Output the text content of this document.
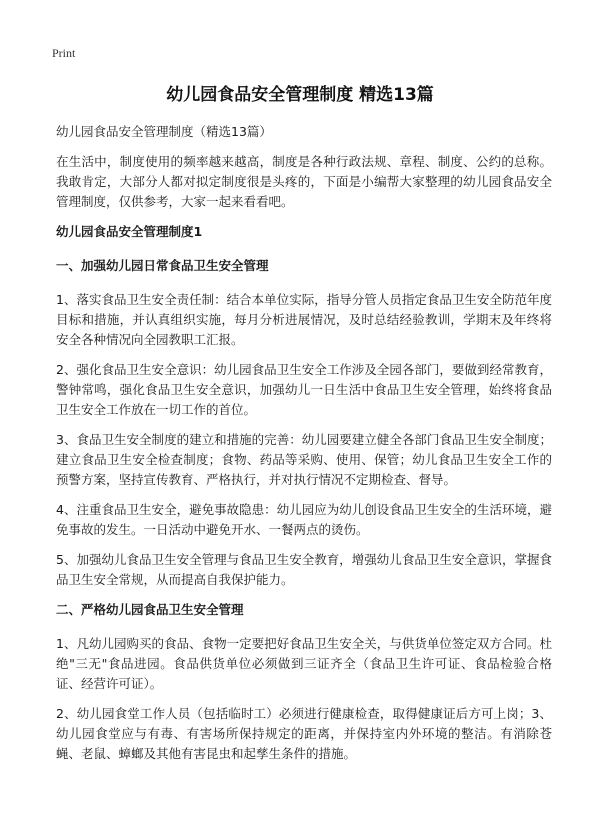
Print
幼儿园食品安全管理制度 精选13篇

幼儿园食品安全管理制度（精选13篇）

在生活中，制度使用的频率越来越高，制度是各种行政法规、章程、制度、公约的总称。我敢肯定，大部分人都对拟定制度很是头疼的，下面是小编帮大家整理的幼儿园食品安全管理制度，仅供参考，大家一起来看看吧。

幼儿园食品安全管理制度1

一、加强幼儿园日常食品卫生安全管理

1、落实食品卫生安全责任制：结合本单位实际，指导分管人员指定食品卫生安全防范年度目标和措施，并认真组织实施，每月分析进展情况，及时总结经验教训，学期末及年终将安全各种情况向全园教职工汇报。

2、强化食品卫生安全意识：幼儿园食品卫生安全工作涉及全园各部门，要做到经常教育，警钟常鸣，强化食品卫生安全意识，加强幼儿一日生活中食品卫生安全管理，始终将食品卫生安全工作放在一切工作的首位。

3、食品卫生安全制度的建立和措施的完善：幼儿园要建立健全各部门食品卫生安全制度；建立食品卫生安全检查制度；食物、药品等采购、使用、保管；幼儿食品卫生安全工作的预警方案，坚持宣传教育、严格执行，并对执行情况不定期检查、督导。

4、注重食品卫生安全，避免事故隐患：幼儿园应为幼儿创设食品卫生安全的生活环境，避免事故的发生。一日活动中避免开水、一餐两点的烫伤。

5、加强幼儿食品卫生安全管理与食品卫生安全教育，增强幼儿食品卫生安全意识，掌握食品卫生安全常规，从而提高自我保护能力。

二、严格幼儿园食品卫生安全管理

1、凡幼儿园购买的食品、食物一定要把好食品卫生安全关，与供货单位签定双方合同。杜绝"三无"食品进园。食品供货单位必须做到三证齐全（食品卫生许可证、食品检验合格证、经营许可证）。

2、幼儿园食堂工作人员（包括临时工）必须进行健康检查，取得健康证后方可上岗；3、幼儿园食堂应与有毒、有害场所保持规定的距离，并保持室内外环境的整洁。有消除苍蝇、老鼠、蟑螂及其他有害昆虫和起孳生条件的措施。
